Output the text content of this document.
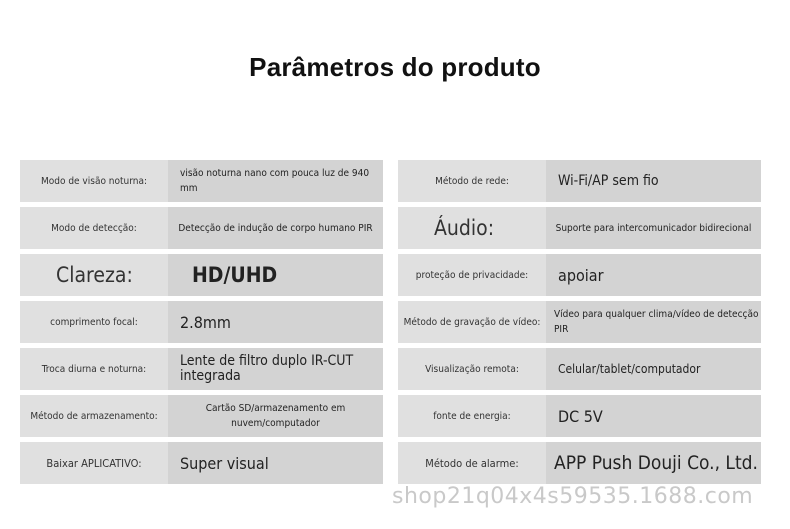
Parâmetros do produto
Modo de visão noturna:
visão noturna nano com pouca luz de 940 mm
Modo de detecção:	Detecção de indução de corpo humano PIR
Clareza:	HD/UHD
comprimento focal:	2.8mm
Troca diurna e noturna:	Lente de filtro duplo IR-CUT integrada
Método de armazenamento:
Cartão SD/armazenamento em nuvem/computador
Baixar APLICATIVO:	Super visual
Método de rede:	Wi-Fi/AP sem fio
Áudio:	Suporte para intercomunicador bidirecional
proteção de privacidade:	apoiar
Método de gravação de vídeo:
Vídeo para qualquer clima/vídeo de detecção PIR
Visualização remota:	Celular/tablet/computador
fonte de energia:	DC 5V
Método de alarme:	APP Push Douji Co., Ltd.
shop21q04x4s59535.1688.com
